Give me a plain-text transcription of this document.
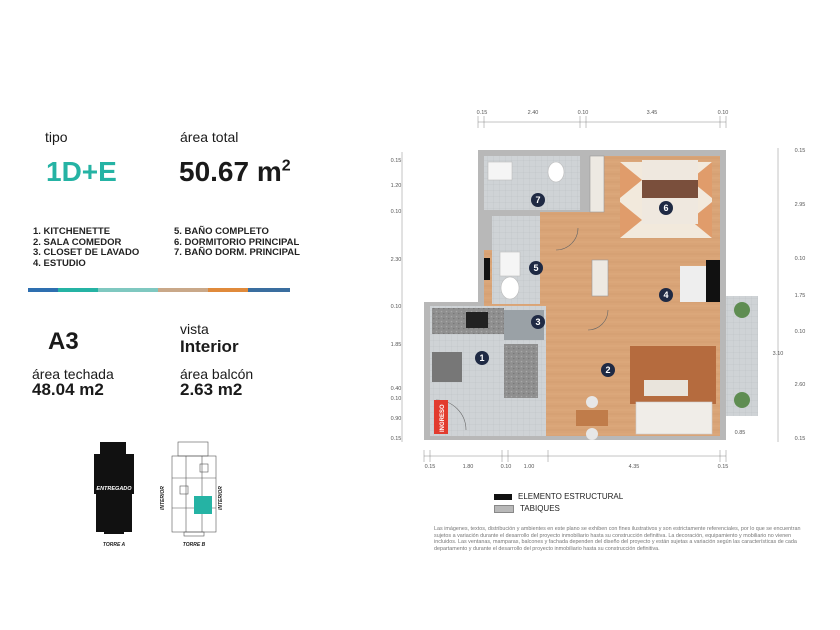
tipo
1D+E
área total
50.67 $m^2$
1. KITCHENETTE
2. SALA COMEDOR
3. CLOSET DE LAVADO
4. ESTUDIO
5. BAÑO COMPLETO
6. DORMITORIO PRINCIPAL
7. BAÑO DORM. PRINCIPAL
A3	vista
Interior
área techada
48.04 m2
área balcón
2.63 m2
ENTREGADO
TORRE A
INTERIOR	INTERIOR
TORRE B
0.15	2.40	0.10	3.45	0.10
0.15	1.80	0.10 1.00	4.35	0.15
0.15
1.20
0.10
2.30
0.10
1.85
0.40
0.10
0.90
0.15
0.15
2.95
0.10
1.75
0.10
2.60
0.15
3.10
0.85
INGRESO
1
2
3
4
5
6
7
ELEMENTO ESTRUCTURAL
TABIQUES
Las imágenes, textos, distribución y ambientes en este plano se exhiben con fines ilustrativos y son estrictamente referenciales, por lo que se encuentran sujetos a variación durante el desarrollo del proyecto inmobiliario hasta su construcción definitiva. La decoración, equipamiento y mobiliario no vienen incluidos. Las ventanas, mamparas, balcones y fachada dependen del diseño del proyecto y están sujetas a variación según las características de cada departamento y durante el desarrollo del proyecto inmobiliario hasta su construcción definitiva.
